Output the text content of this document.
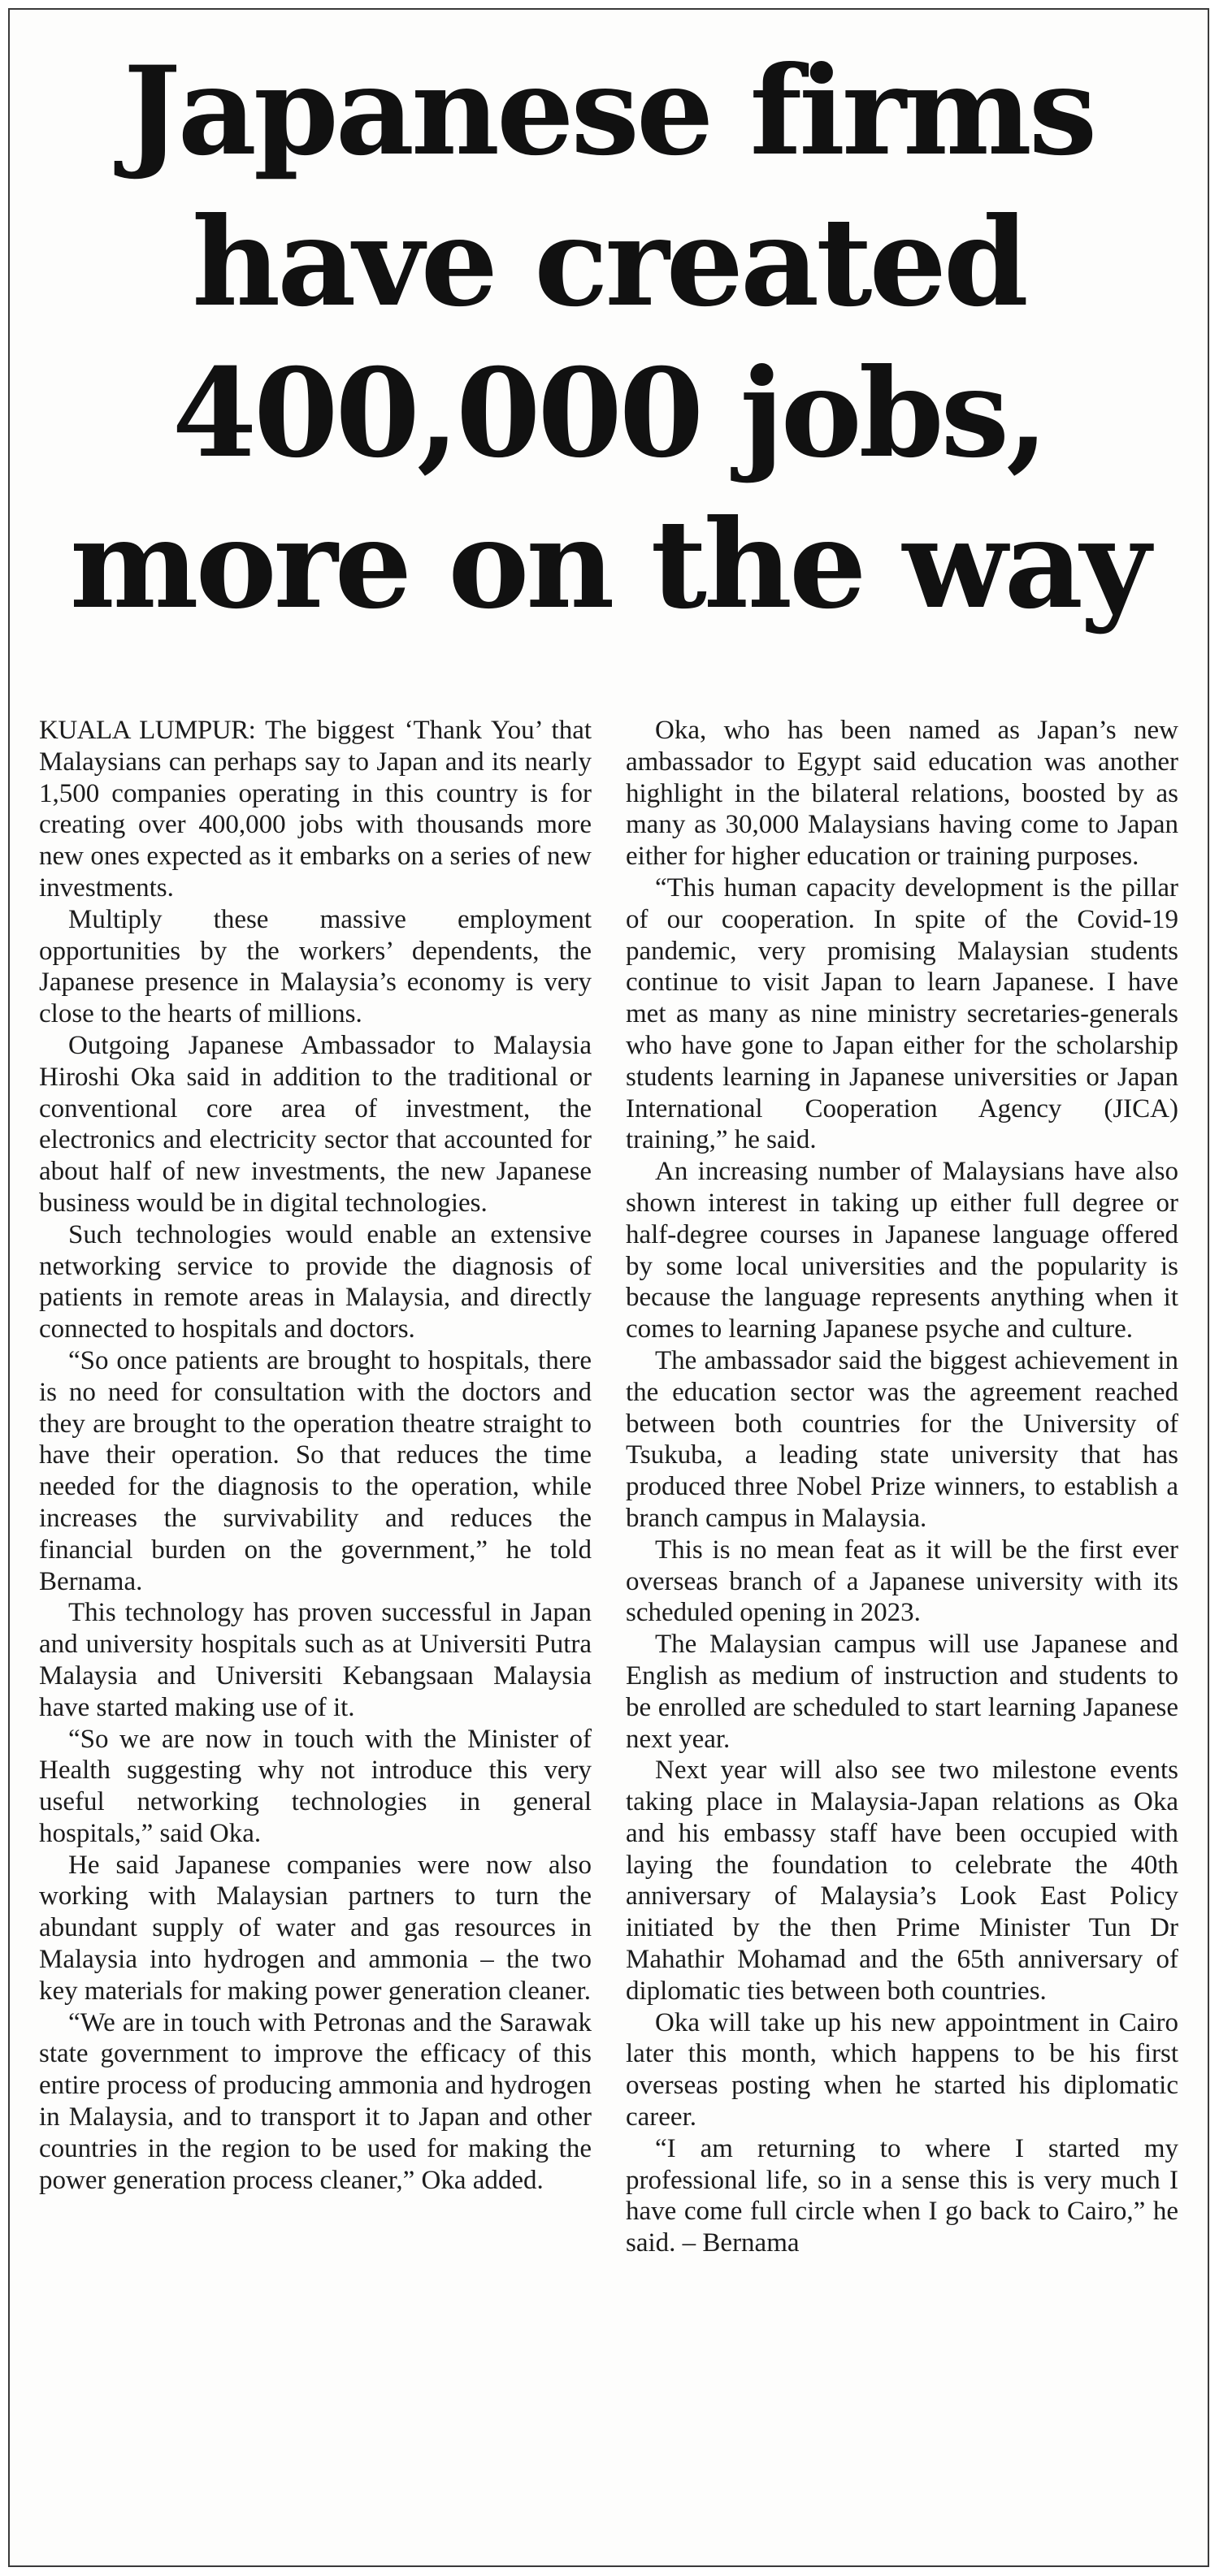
Japanese firms
have created
400,000 jobs,
more on the way

KUALA LUMPUR: The biggest ‘Thank You’ that Malaysians can perhaps say to Japan and its nearly 1,500 companies operating in this country is for creating over 400,000 jobs with thousands more new ones expected as it embarks on a series of new investments.

Multiply these massive employment opportunities by the workers’ dependents, the Japanese presence in Malaysia’s economy is very close to the hearts of millions.

Outgoing Japanese Ambassador to Malaysia Hiroshi Oka said in addition to the traditional or conventional core area of investment, the electronics and electricity sector that accounted for about half of new investments, the new Japanese business would be in digital technologies.

Such technologies would enable an extensive networking service to provide the diagnosis of patients in remote areas in Malaysia, and directly connected to hospitals and doctors.

“So once patients are brought to hospitals, there is no need for consultation with the doctors and they are brought to the operation theatre straight to have their operation. So that reduces the time needed for the diagnosis to the operation, while increases the survivability and reduces the financial burden on the government,” he told Bernama.

This technology has proven successful in Japan and university hospitals such as at Universiti Putra Malaysia and Universiti Kebangsaan Malaysia have started making use of it.

“So we are now in touch with the Minister of Health suggesting why not introduce this very useful networking technologies in general hospitals,” said Oka.

He said Japanese companies were now also working with Malaysian partners to turn the abundant supply of water and gas resources in Malaysia into hydrogen and ammonia – the two key materials for making power generation cleaner.

“We are in touch with Petronas and the Sarawak state government to improve the efficacy of this entire process of producing ammonia and hydrogen in Malaysia, and to transport it to Japan and other countries in the region to be used for making the power generation process cleaner,” Oka added.

Oka, who has been named as Japan’s new ambassador to Egypt said education was another highlight in the bilateral relations, boosted by as many as 30,000 Malaysians having come to Japan either for higher education or training purposes.

“This human capacity development is the pillar of our cooperation. In spite of the Covid-19 pandemic, very promising Malaysian students continue to visit Japan to learn Japanese. I have met as many as nine ministry secretaries-generals who have gone to Japan either for the scholarship students learning in Japanese universities or Japan International Cooperation Agency (JICA) training,” he said.

An increasing number of Malaysians have also shown interest in taking up either full degree or half-degree courses in Japanese language offered by some local universities and the popularity is because the language represents anything when it comes to learning Japanese psyche and culture.

The ambassador said the biggest achievement in the education sector was the agreement reached between both countries for the University of Tsukuba, a leading state university that has produced three Nobel Prize winners, to establish a branch campus in Malaysia.

This is no mean feat as it will be the first ever overseas branch of a Japanese university with its scheduled opening in 2023.

The Malaysian campus will use Japanese and English as medium of instruction and students to be enrolled are scheduled to start learning Japanese next year.

Next year will also see two milestone events taking place in Malaysia-Japan relations as Oka and his embassy staff have been occupied with laying the foundation to celebrate the 40th anniversary of Malaysia’s Look East Policy initiated by the then Prime Minister Tun Dr Mahathir Mohamad and the 65th anniversary of diplomatic ties between both countries.

Oka will take up his new appointment in Cairo later this month, which happens to be his first overseas posting when he started his diplomatic career.

“I am returning to where I started my professional life, so in a sense this is very much I have come full circle when I go back to Cairo,” he said. – Bernama
